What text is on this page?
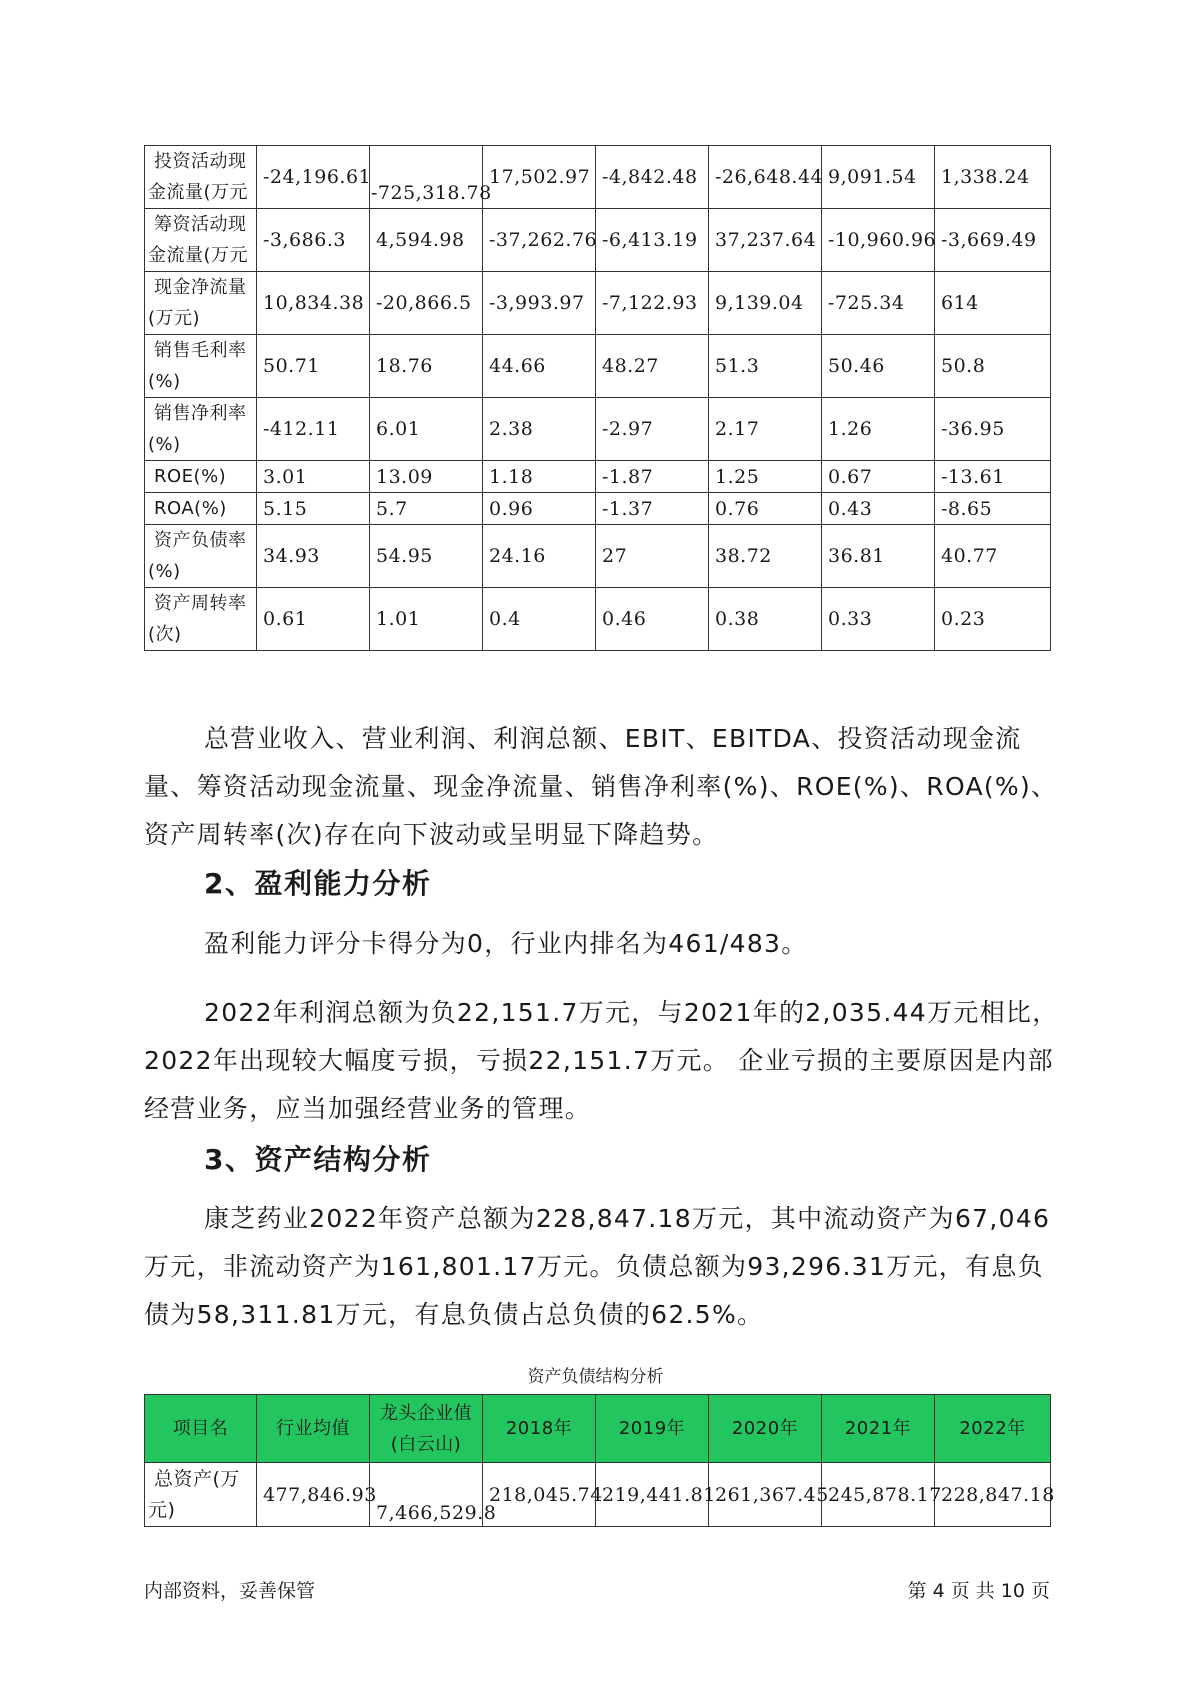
投资活动现金流量(万元	-24,196.61	-725,318.78	17,502.97	-4,842.48	-26,648.44	9,091.54	1,338.24
筹资活动现金流量(万元	-3,686.3	4,594.98	-37,262.76	-6,413.19	37,237.64	-10,960.96	-3,669.49
现金净流量(万元)	10,834.38	-20,866.5	-3,993.97	-7,122.93	9,139.04	-725.34	614
销售毛利率(%)	50.71	18.76	44.66	48.27	51.3	50.46	50.8
销售净利率(%)	-412.11	6.01	2.38	-2.97	2.17	1.26	-36.95
ROE(%)	3.01	13.09	1.18	-1.87	1.25	0.67	-13.61
ROA(%)	5.15	5.7	0.96	-1.37	0.76	0.43	-8.65
资产负债率(%)	34.93	54.95	24.16	27	38.72	36.81	40.77
资产周转率(次)	0.61	1.01	0.4	0.46	0.38	0.33	0.23

总营业收入、营业利润、利润总额、EBIT、EBITDA、投资活动现金流量、筹资活动现金流量、现金净流量、销售净利率(%)、ROE(%)、ROA(%)、资产周转率(次)存在向下波动或呈明显下降趋势。

2、盈利能力分析

盈利能力评分卡得分为0，行业内排名为461/483。

2022年利润总额为负22,151.7万元，与2021年的2,035.44万元相比，2022年出现较大幅度亏损，亏损22,151.7万元。 企业亏损的主要原因是内部经营业务，应当加强经营业务的管理。

3、资产结构分析

康芝药业2022年资产总额为228,847.18万元，其中流动资产为67,046万元，非流动资产为161,801.17万元。负债总额为93,296.31万元，有息负债为58,311.81万元，有息负债占总负债的62.5%。

资产负债结构分析
项目名	行业均值	龙头企业值(白云山)	2018年	2019年	2020年	2021年	2022年
总资产(万元)	477,846.93	7,466,529.8	218,045.74	219,441.81	261,367.45	245,878.17	228,847.18
内部资料，妥善保管	第 4 页 共 10 页
